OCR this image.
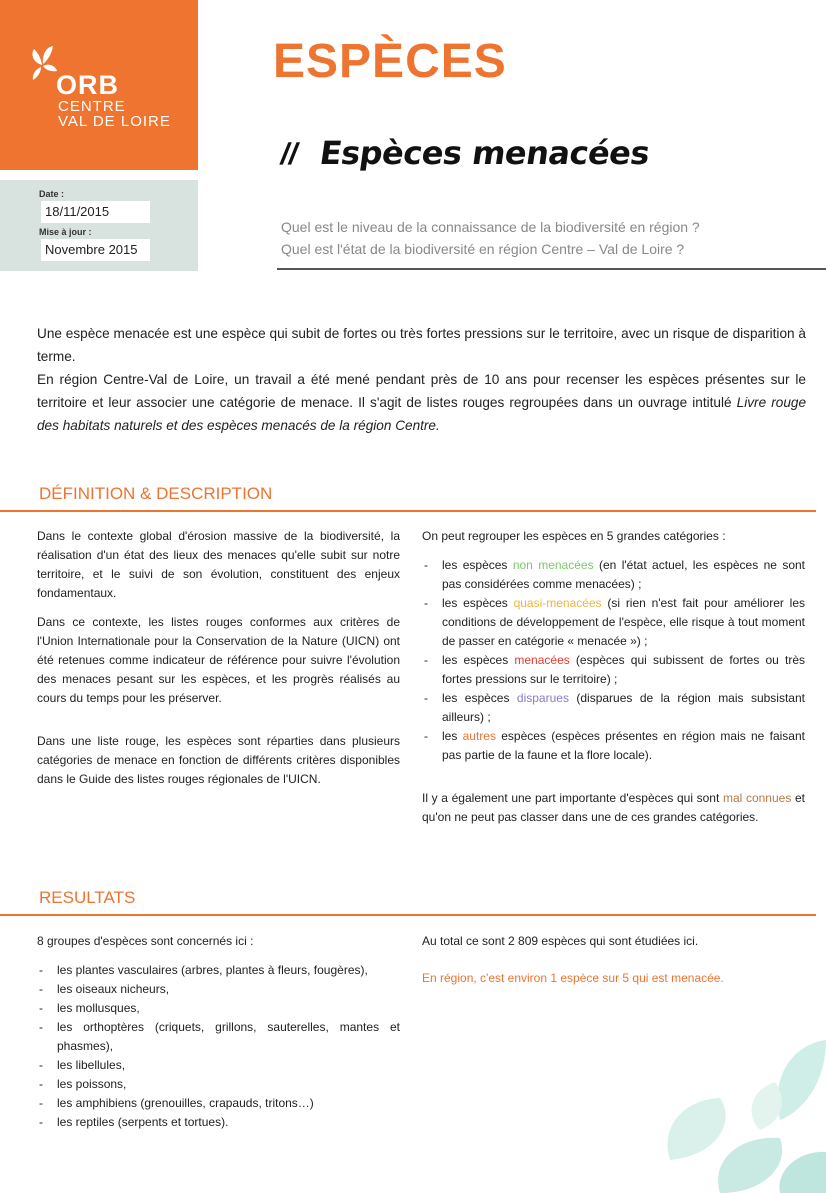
ORB
CENTRE
VAL DE LOIRE
Date :
18/11/2015
Mise à jour :
Novembre 2015
ESPÈCES
// Espèces menacées
Quel est le niveau de la connaissance de la biodiversité en région ?
Quel est l'état de la biodiversité en région Centre – Val de Loire ?

Une espèce menacée est une espèce qui subit de fortes ou très fortes pressions sur le territoire, avec un risque de disparition à terme.

En région Centre-Val de Loire, un travail a été mené pendant près de 10 ans pour recenser les espèces présentes sur le territoire et leur associer une catégorie de menace. Il s'agit de listes rouges regroupées dans un ouvrage intitulé Livre rouge des habitats naturels et des espèces menacés de la région Centre.

DÉFINITION & DESCRIPTION

Dans le contexte global d'érosion massive de la biodiversité, la réalisation d'un état des lieux des menaces qu'elle subit sur notre territoire, et le suivi de son évolution, constituent des enjeux fondamentaux.

Dans ce contexte, les listes rouges conformes aux critères de l'Union Internationale pour la Conservation de la Nature (UICN) ont été retenues comme indicateur de référence pour suivre l'évolution des menaces pesant sur les espèces, et les progrès réalisés au cours du temps pour les préserver.

Dans une liste rouge, les espèces sont réparties dans plusieurs catégories de menace en fonction de différents critères disponibles dans le Guide des listes rouges régionales de l'UICN.

On peut regrouper les espèces en 5 grandes catégories :

- les espèces non menacées (en l'état actuel, les espèces ne sont pas considérées comme menacées) ;
- les espèces quasi-menacées (si rien n'est fait pour améliorer les conditions de développement de l'espèce, elle risque à tout moment de passer en catégorie « menacée ») ;
- les espèces menacées (espèces qui subissent de fortes ou très fortes pressions sur le territoire) ;
- les espèces disparues (disparues de la région mais subsistant ailleurs) ;
- les autres espèces (espèces présentes en région mais ne faisant pas partie de la faune et la flore locale).

Il y a également une part importante d'espèces qui sont mal connues et qu'on ne peut pas classer dans une de ces grandes catégories.

RESULTATS

8 groupes d'espèces sont concernés ici :

- les plantes vasculaires (arbres, plantes à fleurs, fougères),
- les oiseaux nicheurs,
- les mollusques,
- les orthoptères (criquets, grillons, sauterelles, mantes et phasmes),
- les libellules,
- les poissons,
- les amphibiens (grenouilles, crapauds, tritons…)
- les reptiles (serpents et tortues).

Au total ce sont 2 809 espèces qui sont étudiées ici.

En région, c'est environ 1 espèce sur 5 qui est menacée.
